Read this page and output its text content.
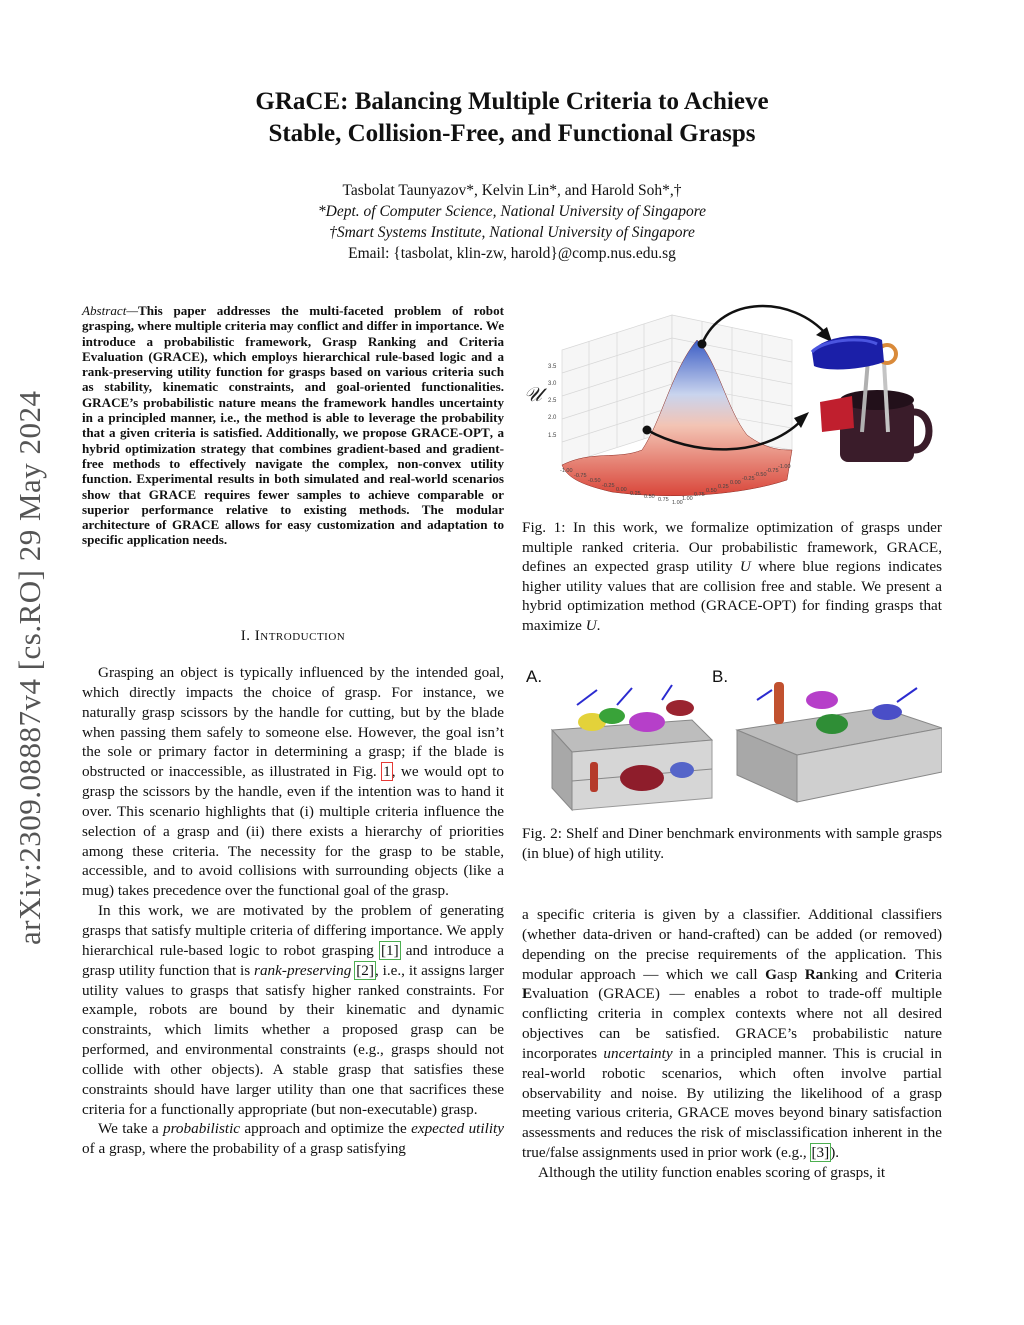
GRaCE: Balancing Multiple Criteria to Achieve
Stable, Collision-Free, and Functional Grasps
Tasbolat Taunyazov*, Kelvin Lin*, and Harold Soh*,†
*Dept. of Computer Science, National University of Singapore
†Smart Systems Institute, National University of Singapore
Email: {tasbolat, klin-zw, harold}@comp.nus.edu.sg
arXiv:2309.08887v4 [cs.RO] 29 May 2024
Abstract—This paper addresses the multi-faceted problem of robot grasping, where multiple criteria may conflict and differ in importance. We introduce a probabilistic framework, Grasp Ranking and Criteria Evaluation (GRACE), which employs hierarchical rule-based logic and a rank-preserving utility function for grasps based on various criteria such as stability, kinematic constraints, and goal-oriented functionalities. GRACE’s probabilistic nature means the framework handles uncertainty in a principled manner, i.e., the method is able to leverage the probability that a given criteria is satisfied. Additionally, we propose GRACE-OPT, a hybrid optimization strategy that combines gradient-based and gradient-free methods to effectively navigate the complex, non-convex utility function. Experimental results in both simulated and real-world scenarios show that GRACE requires fewer samples to achieve comparable or superior performance relative to existing methods. The modular architecture of GRACE allows for easy customization and adaptation to specific application needs.
I. Introduction

Grasping an object is typically influenced by the intended goal, which directly impacts the choice of grasp. For instance, we naturally grasp scissors by the handle for cutting, but by the blade when passing them safely to someone else. However, the goal isn’t the sole or primary factor in determining a grasp; if the blade is obstructed or inaccessible, as illustrated in Fig. 1, we would opt to grasp the scissors by the handle, even if the intention was to hand it over. This scenario highlights that (i) multiple criteria influence the selection of a grasp and (ii) there exists a hierarchy of priorities among these criteria. The necessity for the grasp to be stable, accessible, and to avoid collisions with surrounding objects (like a mug) takes precedence over the functional goal of the grasp.

In this work, we are motivated by the problem of generating grasps that satisfy multiple criteria of differing importance. We apply hierarchical rule-based logic to robot grasping [1] and introduce a grasp utility function that is rank-preserving [2], i.e., it assigns larger utility values to grasps that satisfy higher ranked constraints. For example, robots are bound by their kinematic and dynamic constraints, which limits whether a proposed grasp can be performed, and environmental constraints (e.g., grasps should not collide with other objects). A stable grasp that satisfies these constraints should have larger utility than one that sacrifices these criteria for a functionally appropriate (but non-executable) grasp.

We take a probabilistic approach and optimize the expected utility of a grasp, where the probability of a grasp satisfying

𝒰
3.5
3.0
2.5
2.0
1.5
-1.00
-0.75
-0.50
-0.25
0.00
0.25 0.50 0.75 1.00
1.00
0.75
0.50
0.25
0.00
-0.25
-0.50
-0.75
-1.00
Fig. 1: In this work, we formalize optimization of grasps under multiple ranked criteria. Our probabilistic framework, GRACE, defines an expected grasp utility U where blue regions indicates higher utility values that are collision free and stable. We present a hybrid optimization method (GRACE-OPT) for finding grasps that maximize U.
A.	B.
Fig. 2: Shelf and Diner benchmark environments with sample grasps (in blue) of high utility.

a specific criteria is given by a classifier. Additional classifiers (whether data-driven or hand-crafted) can be added (or removed) depending on the precise requirements of the application. This modular approach — which we call Gasp Ranking and Criteria Evaluation (GRACE) — enables a robot to trade-off multiple conflicting criteria in complex contexts where not all desired objectives can be satisfied. GRACE’s probabilistic nature incorporates uncertainty in a principled manner. This is crucial in real-world robotic scenarios, which often involve partial observability and noise. By utilizing the likelihood of a grasp meeting various criteria, GRACE moves beyond binary satisfaction assessments and reduces the risk of misclassification inherent in the true/false assignments used in prior work (e.g., [3]).

Although the utility function enables scoring of grasps, it
